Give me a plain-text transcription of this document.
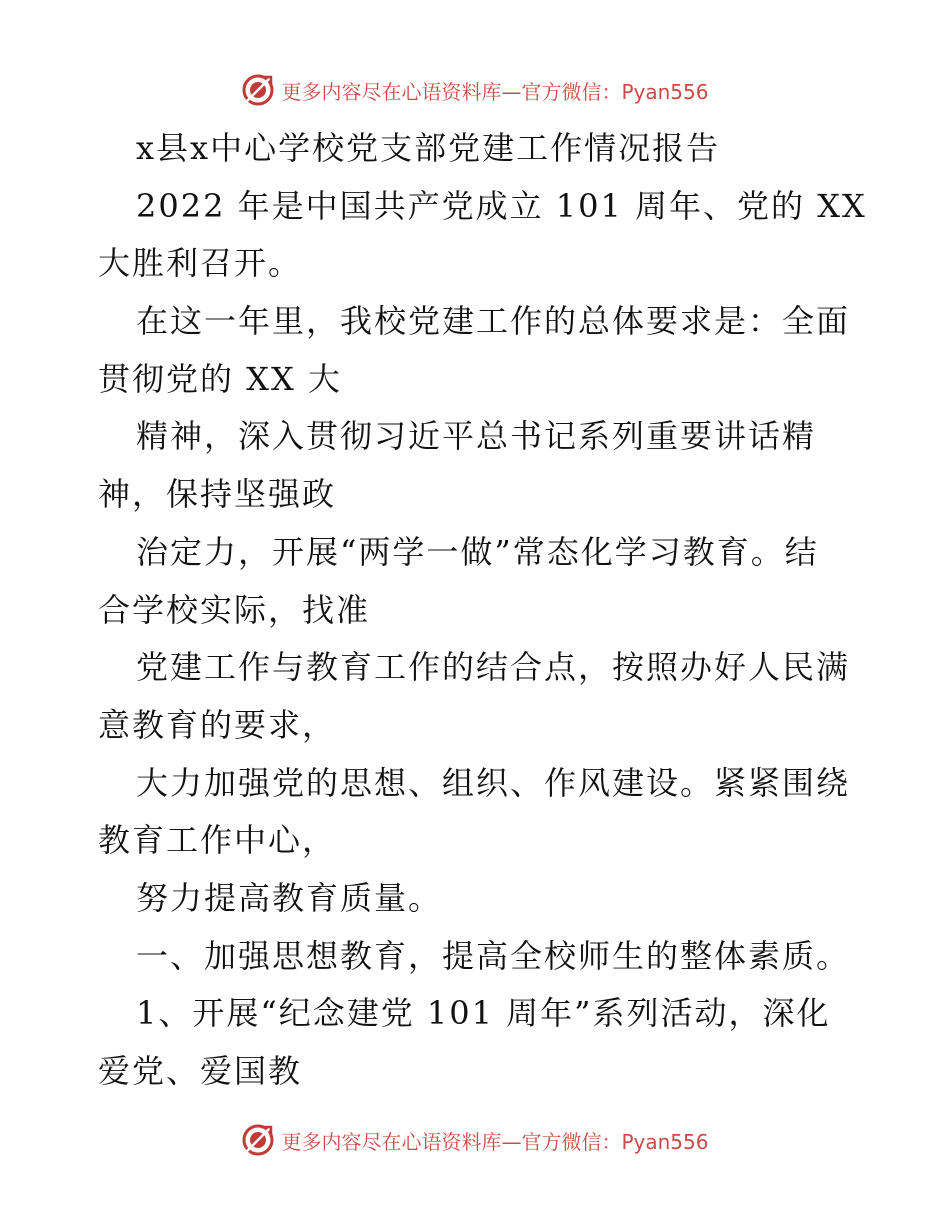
更多内容尽在心语资料库—官方微信：Pyan556
x县x中心学校党支部党建工作情况报告
2022 年是中国共产党成立 101 周年、党的 XX
大胜利召开。
在这一年里，我校党建工作的总体要求是：全面
贯彻党的 XX 大
精神，深入贯彻习近平总书记系列重要讲话精
神，保持坚强政
治定力，开展“两学一做”常态化学习教育。结
合学校实际，找准
党建工作与教育工作的结合点，按照办好人民满
意教育的要求，
大力加强党的思想、组织、作风建设。紧紧围绕
教育工作中心，
努力提高教育质量。
一、加强思想教育，提高全校师生的整体素质。
1、开展“纪念建党 101 周年”系列活动，深化
爱党、爱国教
更多内容尽在心语资料库—官方微信：Pyan556
